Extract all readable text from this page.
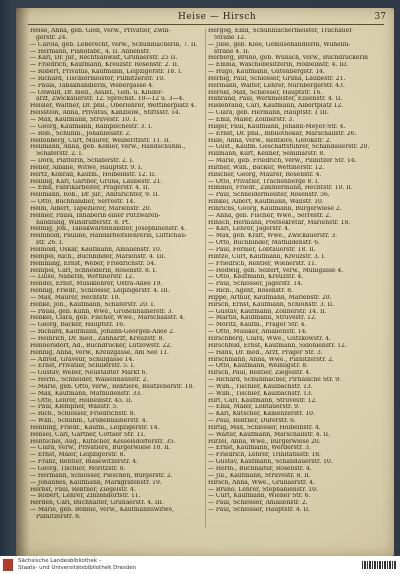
Heise — Hirsch	37
Heise, Anna, geb. Glöß, verw., Privatier, Zwin-
gerstr. 24.
— Carola, geb. Leberecht, verw., Schuhmacherin, 7. II.
— Hermann, Pianofabr., 4. II. Annenstr.
— Karl, Dr. jur., Rechtsanwalt, Grunaerstr. 25 II.
— Friedrich, Kaufmann, Kreuzstr. Rosenstr. 2. II.
— Robert, Privatus, Kaufmann, Leipzigerstr. 18. I.
— Richard, Tischlermeister, Pillnitzerstr. 10.
— Paula, Tabakhandlerin, Webergasse 4.
— Oswald, Dr. med., Assist., Geh. u. Kinder-
arzt, Zwickauerstr. 12. Sprechst. 10—12 u. 3—4.
Heisler, Walther, Dr. phil., Oberlehrer, Wettinerplatz 4.
Heisstein, Anna, Privatus, Kanzleiw., Stiftsstr. 14.
— Max, Kaufmann, Struvestr. 10. I.
— Georg, Kaufmann, Rampischestr. 3. I.
— Rob., Schuhm., Johannesstr. 2.
Helfenberg, Curt, Maurer, Weißeritzstr. 11. II.
Hellmann, Anna, geb. Köhler, verw., Handschuhm.,
Schäferstr. 2. I.
— Dora, Plätterin, Schäferstr. 2. I.
Heller, Amalie, Witwe, Hauptstr. 9. I.
Hertz, Konrad, Kaufm., Holbeinstr. 12. II.
Helling, Karl, Gärtner, Gruna, Laubestr. 21.
— Emil, Fabrikarbeiter, Pragerstr. 4. II.
Hellmann, Rob., Dr. jur., Amtsrichter, 9. II.
— Otto, Buchhändler, Serrestr. 14.
Helm, Albert, Tapezierer, Marienstr. 20.
Helmer, Paula, Inhaberin einer Putzwaren-
handlung, Wilsdrufferstr. 8. Pt.
Helmig, Joh., Tabakwarenhändler, Josephinenstr. 4.
Helmhold, Pauline, Handarbeitslehrerin, Lüttichau-
str. 26. I.
Helmold, Oskar, Kaufmann, Amalienstr. 10.
Hempel, Rich., Buchbinder, Marienstr. 4. III.
Hemming, Ernst, Weber, Friedrichstr. 54.
Hempel, Carl, Schneiderin, Rosenstr. 8. I.
— Luise, Näherin, Wettinerstr. 12.
Hendel, Ernst, Musiklehrer, Ostra-Allee 19.
Hennig, Friedr., Schlosser, Leipzigerstr. 4. III.
— Max, Maurer, Hechtstr. 10.
Henke, Joh., Kaufmann, Schäferstr. 20. I.
— Paula, geb. Kühn, Wwe., Großenhainerstr. 3.
Henkel, Clara, geb. Fischer, Wwe., Marschallstr. 4.
— Georg, Bäcker, Hauptstr. 16.
— Richard, Kaufmann, Johann-Georgen-Allee 2.
— Heinrich, Dr. med., Zahnarzt, Kreuzstr. 8.
Hennersdorf, Ad., Buchdrucker, Lützowstr. 22.
Hennig, Anna, verw., Kreuzgasse, Am See 11.
— Alfred, Graveur, Schulgasse 14.
— Ernst, Privatier, Schillerstr. 5. I.
— Gustav, Weber, Neustädter Markt 6.
— Herm., Schneider, Waisenhausstr. 2.
— Marie, geb. Otto, verw., Rentiere, Bautzenerstr. 10.
— Max, Kaufmann, Mathildenstr. 33.
— Otto, Lehrer, Holbeinstr. 45. II.
— Paul, Klempner, Wallstr. 5.
— Rich., Schlosser, Friedrichstr. 8.
— Wilh., Schuhm., Großenhainerstr. 4.
Henning, Friedr., Kaufm., Leipzigerstr. 14.
Hensel, Carl, Gärtner, Cottaer Str. 11.
Hentschel, Aug., Kutscher, Kesselsdorferstr. 35.
— Clara, verw., Privatiere, Bürgerwiese 10. II.
— Ernst, Maler, Leipzigerstr. 8.
— Franz, Rentier, Blasewitzerstr. 4.
— Georg, Tischler, Moritzstr. 8.
— Hermann, Schlosser, Pieschen, Bürgerstr. 2.
— Johannes, Kaufmann, Markgrafenstr. 19.
Herbst, Paul, Rentner, Ziegelstr. 4.
— Robert, Lehrer, Zinzendorfstr. 11.
Herden, Carl, Buchhalter, Grunaerstr. 4. III.
— Marie, geb. Böhme, verw., Kaufmannswitwe,
Pillnitzerstr. 8.
Hergog, Emil, Schuhmachermeister, Trachauer
Straße 12.
— Julie, geb. Klee, Gemüsehändlerin, Wilhelm-
straße 4. II.
Herberg, Bruno, geb. Wünsch, verw., Buchdruckerin
— Emma, Wäschebesitzerin, Holbeinstr. 4. III.
— Hugo, Kaufmann, Gutenbergstr. 14.
Herbig, Paul, Schlosser, Gruna, Laubestr. 21.
Hermann, Walter, Lehrer, Nürnbergerstr. 43.
Herold, Max, Schlosser, Hauptstr. 16.
Hilbrand, Paul, Werkmeister, Elisenstr. 4. II.
Hildebrand, Carl, Kaufmann, Albertplatz 12.
— Clara, geb. Hermann, Hauptstr. 1 III.
— Emil, Maler, Zöllnerstr. 3.
Hilger, Paul, Kaufmann, Johann-Meyer-Str. 4.
— Ernst, Dr. phil., Bibliothekar, Marschallstr. 26.
Hille, Anna, verw., Rentiere, Gerokstr. 2.
— Gust., Kaufm. Geschäftsführer, Schandauerstr. 20.
Hillmann, Kurt, Kellner, Seminarstr. 8.
— Marie, geb. Friedrich, verw., Pillnitzer Str. 14.
Hiltner, Wilh., Bäcker, Wettinerstr. 12.
Hilscher, Georg, Maurer, Rosenstr. 4.
— Otto, Privatier, Trachenberge 8. I.
Himmel, Friedr., Zimmermann, Hechtstr. 10. II.
— Paul, Schneidermeister, Rosenstr. 56.
Hinkel, Albert, Kaufmann, Wallstr. 10.
Hinrichs, Georg, Kaufmann, Bürgerwiese 2.
— Anna, geb. Fischer, Wwe., Serrestr. 2.
Hinsch, Hermann, Postsekretär, Marienstr. 18.
— Karl, Lehrer, Jägerstr. 4.
— Max, geb. Kraft, Wwe., Zwickauerstr. 3.
— Otto, Buchbinder, Mathildenstr. 6.
— Paul, Former, Löbtauerstr. 18. II.
Hintze, Curt, Kaufmann, Kreuzstr. 3. I.
— Friedrich, Rentier, Wienerstr. 11.
— Hedwig, geb. Seifert, verw., Mühlgasse 4.
— Otto, Kaufmann, Kreuzstr. 4.
— Paul, Schlosser, Jägerstr. 14.
— Rich., Agent, Rosenstr. 8.
Hippe, Arthur, Kaufmann, Marienstr. 20.
Hirsch, Ernst, Kaufmann, Schloßstr. 3. II.
— Gustav, Kaufmann, Zöllnerstr. 14. II.
— Martin, Kaufmann, Struvestr. 12.
— Moritz, Kaufm., Prager Str. 4.
— Otto, Musiker, Amalienstr. 14.
Hirschberg, Clara, Wwe., Gutzkowstr. 4.
Hirschfeld, Ernst, Kaufmann, Sidonienstr. 12.
— Hans, Dr. med., Arzt, Prager Str. 3.
Hirschmann, Anna, Wwe., Pillnitzerstr. 2.
— Otto, Kaufmann, Weinligstr. 8.
Hirsch, Paul, Rentier, Ziegelstr. 4.
— Richard, Schuhmacher, Pirnaische Str. 9.
— Wilh., Tischler, Kaulbachstr. 13.
— Wilh., Tischler, Kaulbachstr. 13.
Hirt, Carl, Kaufmann, Struvestr. 12.
— Emil, Maler, Löbtauerstr. 9.
— Karl, Kutscher, Kamenzerstr. 10.
— Paul, Rentner, Dürerstr. 6.
Hirtig, Max, Schlosser, Holbeinstr. 4.
— Walter, Kaufmann, Marschallstr. 4. II.
Hirzel, Anna, Wwe., Bürgerwiese 20.
— Ernst, Kaufmann, Werderstr. 3.
— Friedrich, Lehrer, Trinitatisstr. 18.
— Gustav, Kaufmann, Schandauerstr. 10.
— Herm., Buchhalter, Rosenstr. 4.
— Jul., Kaufmann, Struvestr. 8. II.
Hirsch, Anna, Wwe., Grunaerstr. 4.
— Bruno, Lehrer, Stephanienstr. 10.
— Curt, Kaufmann, Wiener Str. 6.
— Paul, Schlosser, Amalienstr. 2.
— Paul, Schlosser, Hauptstr. 4. II.
Sächsische Landesbibliothek –
Staats- und Universitätsbibliothek Dresden
